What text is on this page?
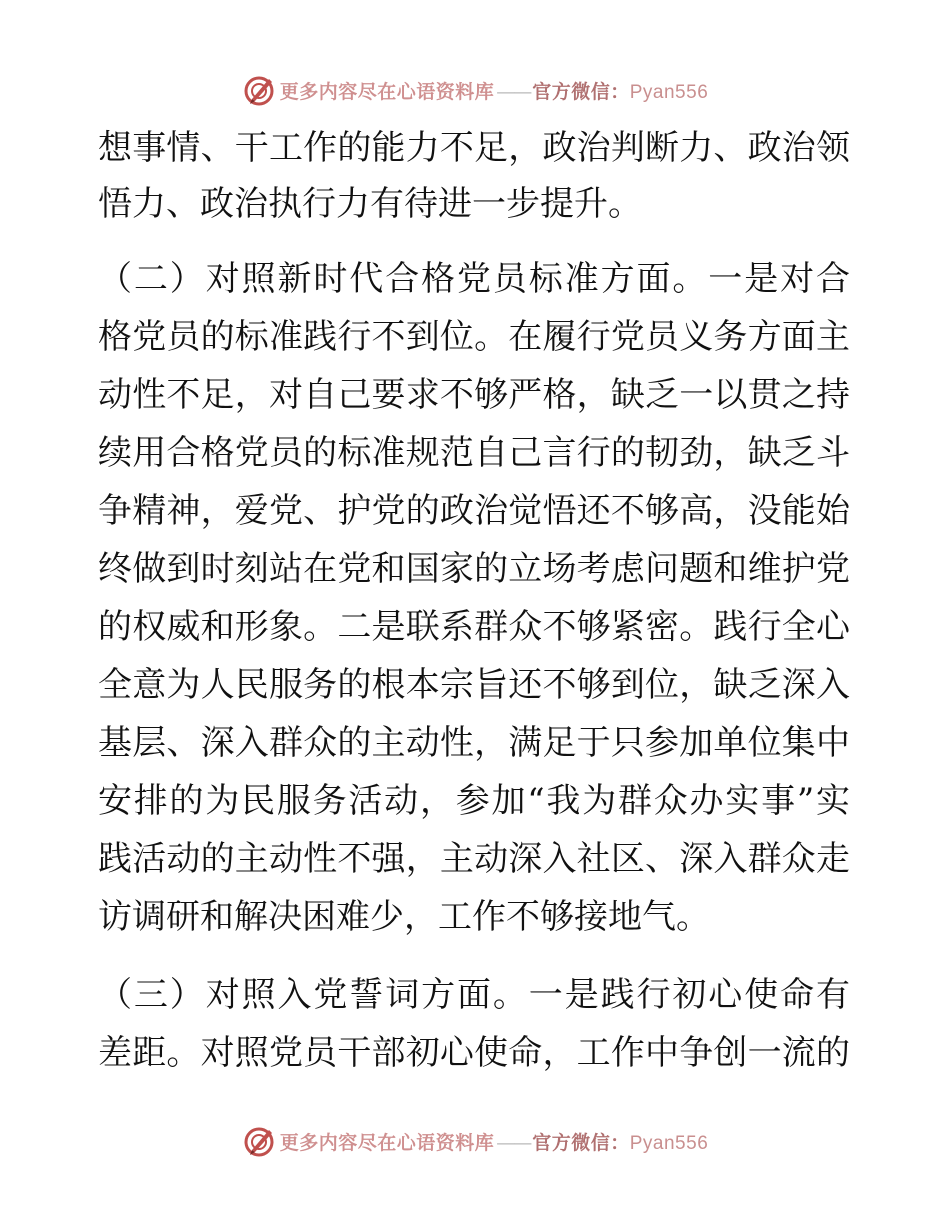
更多内容尽在心语资料库 —— 官方微信：Pyan556
想事情、干工作的能力不足，政治判断力、政治领
悟力、政治执行力有待进一步提升。
（二）对照新时代合格党员标准方面。一是对合
格党员的标准践行不到位。在履行党员义务方面主
动性不足，对自己要求不够严格，缺乏一以贯之持
续用合格党员的标准规范自己言行的韧劲，缺乏斗
争精神，爱党、护党的政治觉悟还不够高，没能始
终做到时刻站在党和国家的立场考虑问题和维护党
的权威和形象。二是联系群众不够紧密。践行全心
全意为人民服务的根本宗旨还不够到位，缺乏深入
基层、深入群众的主动性，满足于只参加单位集中
安排的为民服务活动，参加“我为群众办实事”实
践活动的主动性不强，主动深入社区、深入群众走
访调研和解决困难少，工作不够接地气。
（三）对照入党誓词方面。一是践行初心使命有
差距。对照党员干部初心使命，工作中争创一流的
更多内容尽在心语资料库 —— 官方微信：Pyan556
